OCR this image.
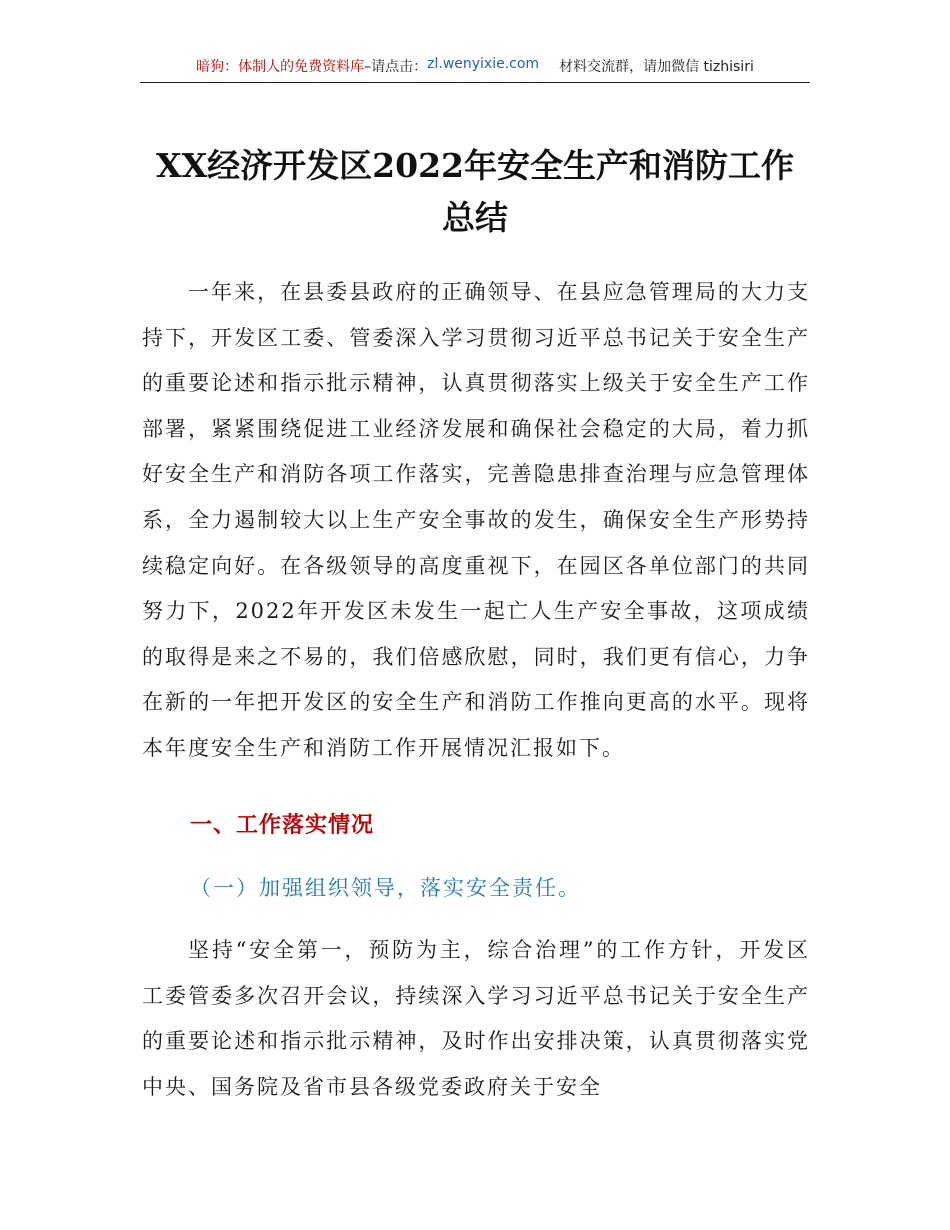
暗狗：体制人的免费资料库 –请点击： zl.wenyixie.com 材料交流群，请加微信 tizhisiri
XX经济开发区2022年安全生产和消防工作总结
一年来，在县委县政府的正确领导、在县应急管理局的大力支持下，开发区工委、管委深入学习贯彻习近平总书记关于安全生产的重要论述和指示批示精神，认真贯彻落实上级关于安全生产工作部署，紧紧围绕促进工业经济发展和确保社会稳定的大局，着力抓好安全生产和消防各项工作落实，完善隐患排查治理与应急管理体系，全力遏制较大以上生产安全事故的发生，确保安全生产形势持续稳定向好。在各级领导的高度重视下，在园区各单位部门的共同努力下，2022年开发区未发生一起亡人生产安全事故，这项成绩的取得是来之不易的，我们倍感欣慰，同时，我们更有信心，力争在新的一年把开发区的安全生产和消防工作推向更高的水平。现将本年度安全生产和消防工作开展情况汇报如下。
一、工作落实情况
（一）加强组织领导，落实安全责任。
坚持“安全第一，预防为主，综合治理”的工作方针，开发区工委管委多次召开会议，持续深入学习习近平总书记关于安全生产的重要论述和指示批示精神，及时作出安排决策，认真贯彻落实党中央、国务院及省市县各级党委政府关于安全
